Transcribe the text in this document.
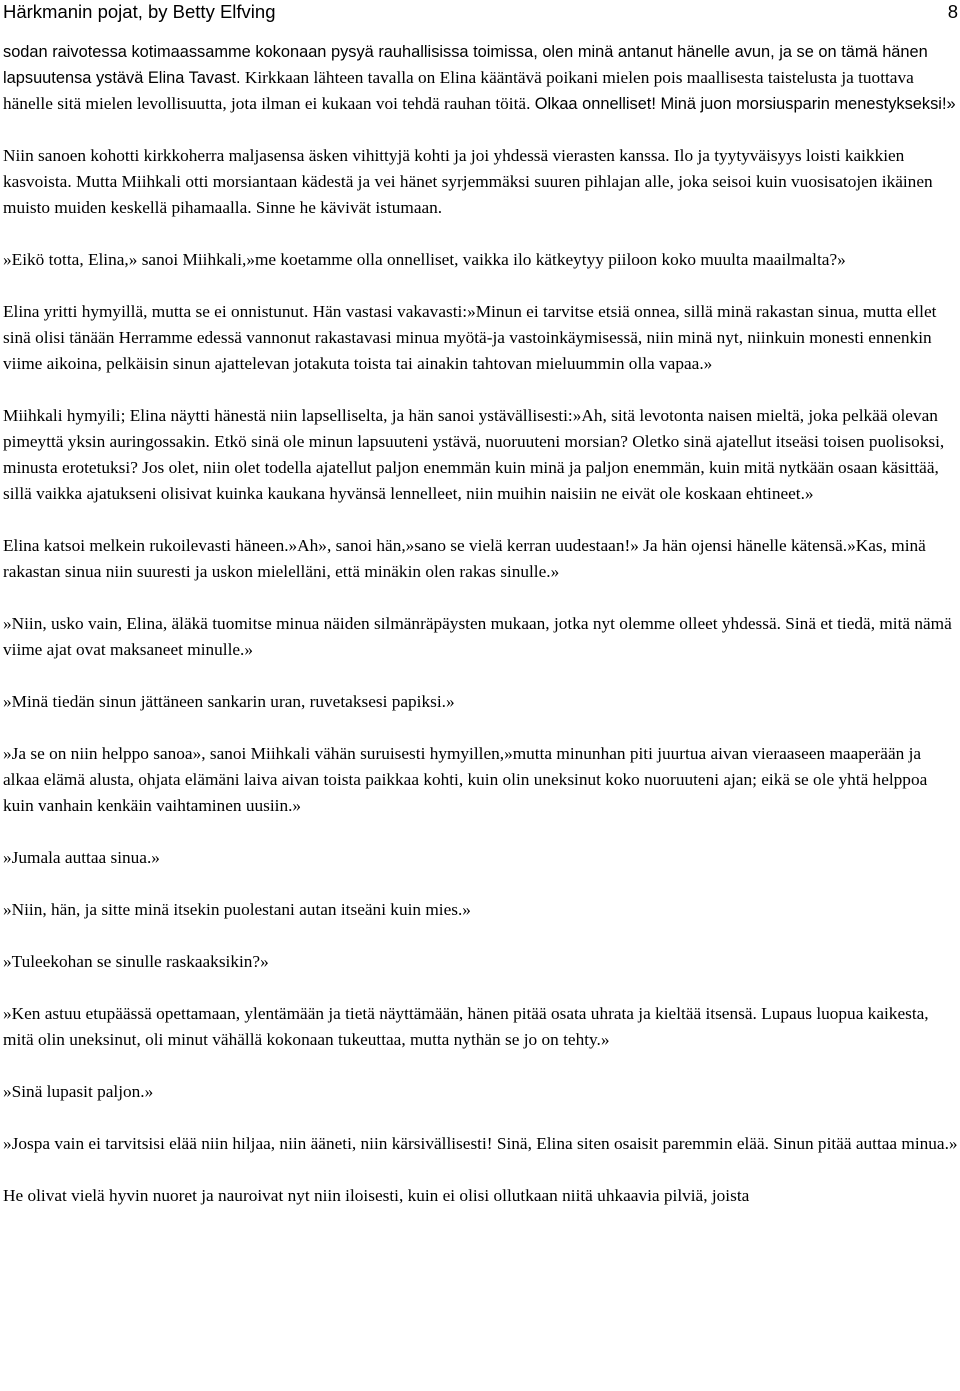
Härkmanin pojat, by Betty Elfving	8

sodan raivotessa kotimaassamme kokonaan pysyä rauhallisissa toimissa, olen minä antanut hänelle avun, ja se on tämä hänen lapsuutensa ystävä Elina Tavast. Kirkkaan lähteen tavalla on Elina kääntävä poikani mielen pois maallisesta taistelusta ja tuottava hänelle sitä mielen levollisuutta, jota ilman ei kukaan voi tehdä rauhan töitä. Olkaa onnelliset! Minä juon morsiusparin menestykseksi!»

Niin sanoen kohotti kirkkoherra maljasensa äsken vihittyjä kohti ja joi yhdessä vierasten kanssa. Ilo ja tyytyväisyys loisti kaikkien kasvoista. Mutta Miihkali otti morsiantaan kädestä ja vei hänet syrjemmäksi suuren pihlajan alle, joka seisoi kuin vuosisatojen ikäinen muisto muiden keskellä pihamaalla. Sinne he kävivät istumaan.

»Eikö totta, Elina,» sanoi Miihkali,»me koetamme olla onnelliset, vaikka ilo kätkeytyy piiloon koko muulta maailmalta?»

Elina yritti hymyillä, mutta se ei onnistunut. Hän vastasi vakavasti:»Minun ei tarvitse etsiä onnea, sillä minä rakastan sinua, mutta ellet sinä olisi tänään Herramme edessä vannonut rakastavasi minua myötä-ja vastoinkäymisessä, niin minä nyt, niinkuin monesti ennenkin viime aikoina, pelkäisin sinun ajattelevan jotakuta toista tai ainakin tahtovan mieluummin olla vapaa.»

Miihkali hymyili; Elina näytti hänestä niin lapselliselta, ja hän sanoi ystävällisesti:»Ah, sitä levotonta naisen mieltä, joka pelkää olevan pimeyttä yksin auringossakin. Etkö sinä ole minun lapsuuteni ystävä, nuoruuteni morsian? Oletko sinä ajatellut itseäsi toisen puolisoksi, minusta erotetuksi? Jos olet, niin olet todella ajatellut paljon enemmän kuin minä ja paljon enemmän, kuin mitä nytkään osaan käsittää, sillä vaikka ajatukseni olisivat kuinka kaukana hyvänsä lennelleet, niin muihin naisiin ne eivät ole koskaan ehtineet.»

Elina katsoi melkein rukoilevasti häneen.»Ah», sanoi hän,»sano se vielä kerran uudestaan!» Ja hän ojensi hänelle kätensä.»Kas, minä rakastan sinua niin suuresti ja uskon mielelläni, että minäkin olen rakas sinulle.»

»Niin, usko vain, Elina, äläkä tuomitse minua näiden silmänräpäysten mukaan, jotka nyt olemme olleet yhdessä. Sinä et tiedä, mitä nämä viime ajat ovat maksaneet minulle.»

»Minä tiedän sinun jättäneen sankarin uran, ruvetaksesi papiksi.»

»Ja se on niin helppo sanoa», sanoi Miihkali vähän suruisesti hymyillen,»mutta minunhan piti juurtua aivan vieraaseen maaperään ja alkaa elämä alusta, ohjata elämäni laiva aivan toista paikkaa kohti, kuin olin uneksinut koko nuoruuteni ajan; eikä se ole yhtä helppoa kuin vanhain kenkäin vaihtaminen uusiin.»

»Jumala auttaa sinua.»

»Niin, hän, ja sitte minä itsekin puolestani autan itseäni kuin mies.»

»Tuleekohan se sinulle raskaaksikin?»

»Ken astuu etupäässä opettamaan, ylentämään ja tietä näyttämään, hänen pitää osata uhrata ja kieltää itsensä. Lupaus luopua kaikesta, mitä olin uneksinut, oli minut vähällä kokonaan tukeuttaa, mutta nythän se jo on tehty.»

»Sinä lupasit paljon.»

»Jospa vain ei tarvitsisi elää niin hiljaa, niin ääneti, niin kärsivällisesti! Sinä, Elina siten osaisit paremmin elää. Sinun pitää auttaa minua.»

He olivat vielä hyvin nuoret ja nauroivat nyt niin iloisesti, kuin ei olisi ollutkaan niitä uhkaavia pilviä, joista
